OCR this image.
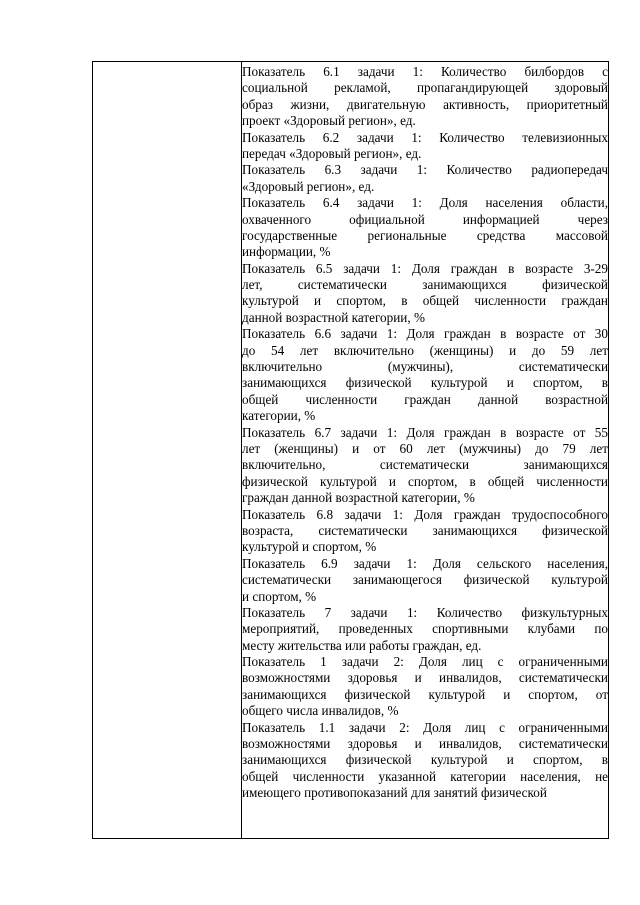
Показатель 6.1 задачи 1: Количество билбордов с
социальной рекламой, пропагандирующей здоровый
образ жизни, двигательную активность, приоритетный
проект «Здоровый регион», ед.
Показатель 6.2 задачи 1: Количество телевизионных
передач «Здоровый регион», ед.
Показатель 6.3 задачи 1: Количество радиопередач
«Здоровый регион», ед.
Показатель 6.4 задачи 1: Доля населения области,
охваченного официальной информацией через
государственные региональные средства массовой
информации, %
Показатель 6.5 задачи 1: Доля граждан в возрасте 3-29
лет, систематически занимающихся физической
культурой и спортом, в общей численности граждан
данной возрастной категории, %
Показатель 6.6 задачи 1: Доля граждан в возрасте от 30
до 54 лет включительно (женщины) и до 59 лет
включительно (мужчины), систематически
занимающихся физической культурой и спортом, в
общей численности граждан данной возрастной
категории, %
Показатель 6.7 задачи 1: Доля граждан в возрасте от 55
лет (женщины) и от 60 лет (мужчины) до 79 лет
включительно, систематически занимающихся
физической культурой и спортом, в общей численности
граждан данной возрастной категории, %
Показатель 6.8 задачи 1: Доля граждан трудоспособного
возраста, систематически занимающихся физической
культурой и спортом, %
Показатель 6.9 задачи 1: Доля сельского населения,
систематически занимающегося физической культурой
и спортом, %
Показатель 7 задачи 1: Количество физкультурных
мероприятий, проведенных спортивными клубами по
месту жительства или работы граждан, ед.
Показатель 1 задачи 2: Доля лиц с ограниченными
возможностями здоровья и инвалидов, систематически
занимающихся физической культурой и спортом, от
общего числа инвалидов, %
Показатель 1.1 задачи 2: Доля лиц с ограниченными
возможностями здоровья и инвалидов, систематически
занимающихся физической культурой и спортом, в
общей численности указанной категории населения, не
имеющего противопоказаний для занятий физической
